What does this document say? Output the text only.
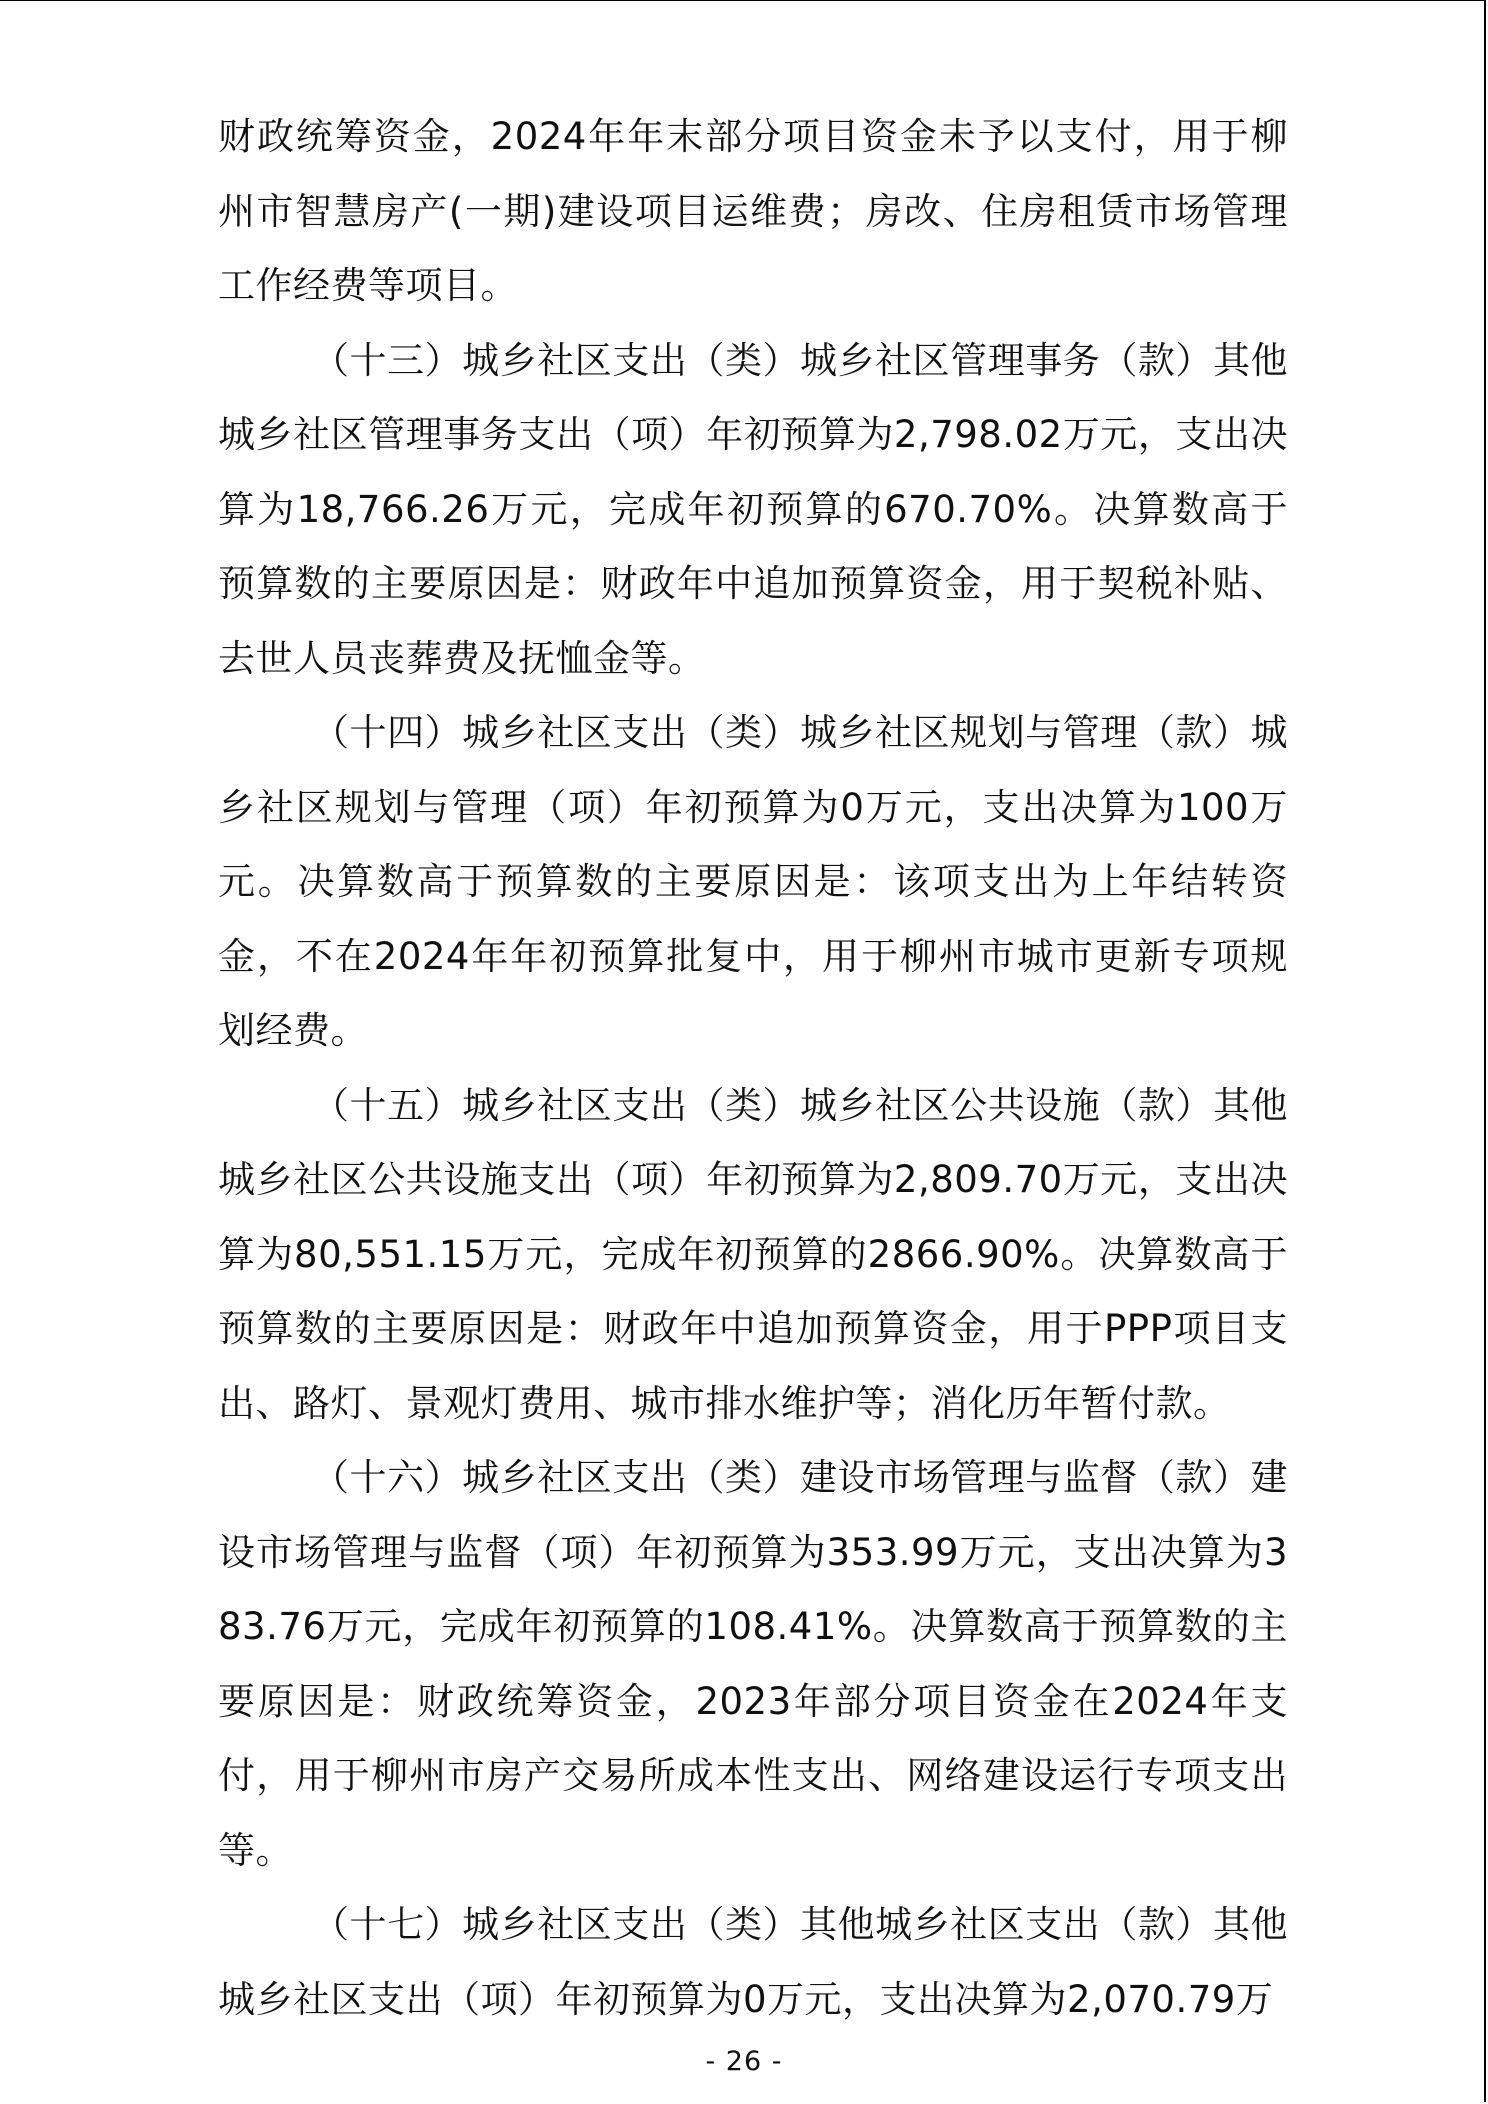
财政统筹资金，2024年年末部分项目资金未予以支付，用于柳州市智慧房产(一期)建设项目运维费；房改、住房租赁市场管理工作经费等项目。

（十三）城乡社区支出（类）城乡社区管理事务（款）其他城乡社区管理事务支出（项）年初预算为2,798.02万元，支出决算为18,766.26万元，完成年初预算的670.70%。决算数高于预算数的主要原因是：财政年中追加预算资金，用于契税补贴、去世人员丧葬费及抚恤金等。

（十四）城乡社区支出（类）城乡社区规划与管理（款）城乡社区规划与管理（项）年初预算为0万元，支出决算为100万元。决算数高于预算数的主要原因是：该项支出为上年结转资金，不在2024年年初预算批复中，用于柳州市城市更新专项规划经费。

（十五）城乡社区支出（类）城乡社区公共设施（款）其他城乡社区公共设施支出（项）年初预算为2,809.70万元，支出决算为80,551.15万元，完成年初预算的2866.90%。决算数高于预算数的主要原因是：财政年中追加预算资金，用于PPP项目支出、路灯、景观灯费用、城市排水维护等；消化历年暂付款。

（十六）城乡社区支出（类）建设市场管理与监督（款）建设市场管理与监督（项）年初预算为353.99万元，支出决算为383.76万元，完成年初预算的108.41%。决算数高于预算数的主要原因是：财政统筹资金，2023年部分项目资金在2024年支付，用于柳州市房产交易所成本性支出、网络建设运行专项支出等。

（十七）城乡社区支出（类）其他城乡社区支出（款）其他城乡社区支出（项）年初预算为0万元，支出决算为2,070.79万

- 26 -
